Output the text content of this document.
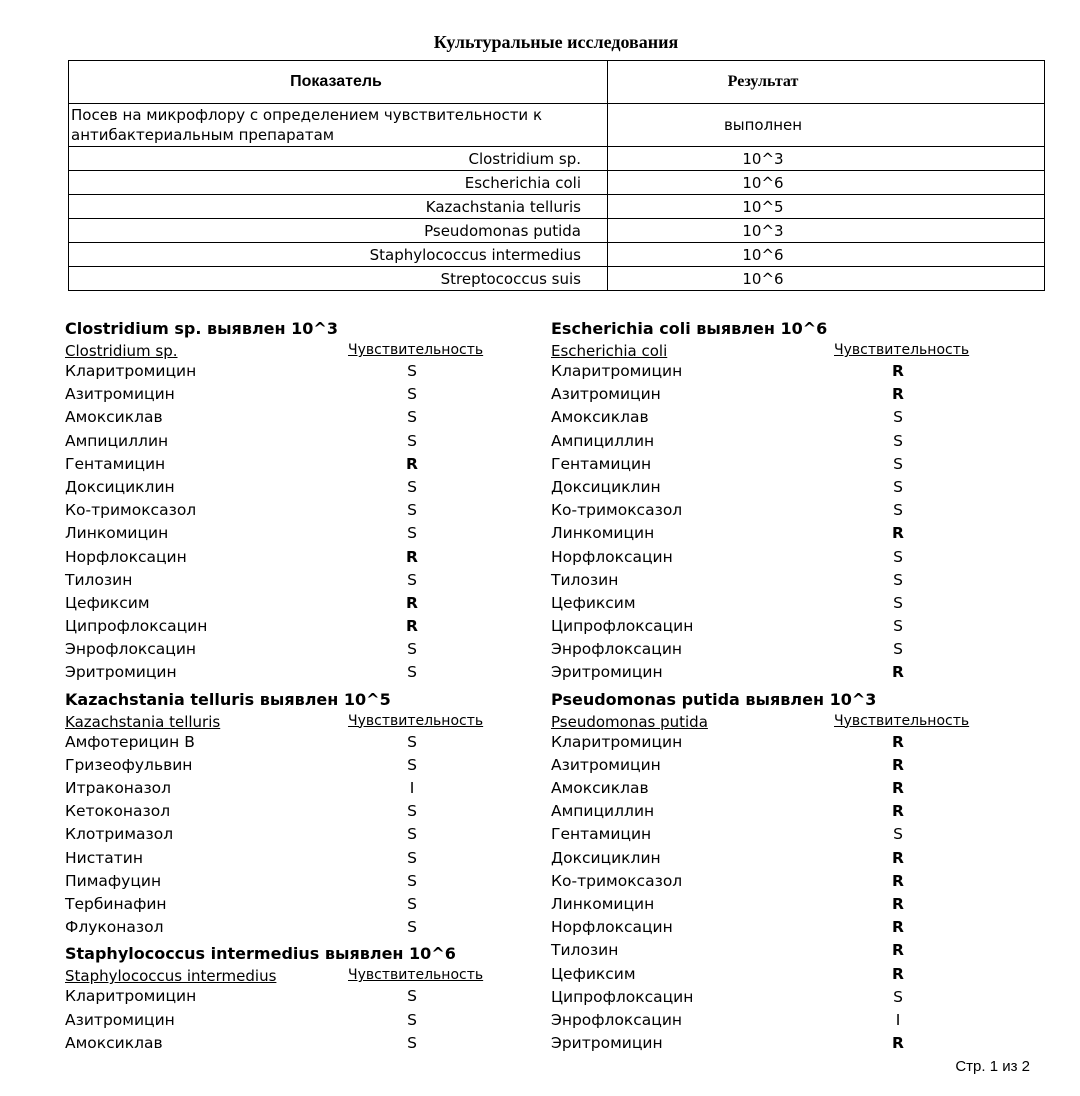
Культуральные исследования
Показатель	Результат
Посев на микрофлору с определением чувствительности к антибактериальным препаратам	выполнен
Clostridium sp.	10^3
Escherichia coli	10^6
Kazachstania telluris	10^5
Pseudomonas putida	10^3
Staphylococcus intermedius	10^6
Streptococcus suis	10^6
Clostridium sp. выявлен 10^3
Clostridium sp.	Чувствительность
Кларитромицин	S
Азитромицин	S
Амоксиклав	S
Ампициллин	S
Гентамицин	R
Доксициклин	S
Ко-тримоксазол	S
Линкомицин	S
Норфлоксацин	R
Тилозин	S
Цефиксим	R
Ципрофлоксацин	R
Энрофлоксацин	S
Эритромицин	S
Kazachstania telluris выявлен 10^5
Kazachstania telluris	Чувствительность
Амфотерицин B	S
Гризеофульвин	S
Итраконазол	I
Кетоконазол	S
Клотримазол	S
Нистатин	S
Пимафуцин	S
Тербинафин	S
Флуконазол	S
Staphylococcus intermedius выявлен 10^6
Staphylococcus intermedius	Чувствительность
Кларитромицин	S
Азитромицин	S
Амоксиклав	S
Escherichia coli выявлен 10^6
Escherichia coli	Чувствительность
Кларитромицин	R
Азитромицин	R
Амоксиклав	S
Ампициллин	S
Гентамицин	S
Доксициклин	S
Ко-тримоксазол	S
Линкомицин	R
Норфлоксацин	S
Тилозин	S
Цефиксим	S
Ципрофлоксацин	S
Энрофлоксацин	S
Эритромицин	R
Pseudomonas putida выявлен 10^3
Pseudomonas putida	Чувствительность
Кларитромицин	R
Азитромицин	R
Амоксиклав	R
Ампициллин	R
Гентамицин	S
Доксициклин	R
Ко-тримоксазол	R
Линкомицин	R
Норфлоксацин	R
Тилозин	R
Цефиксим	R
Ципрофлоксацин	S
Энрофлоксацин	I
Эритромицин	R
Стр. 1 из 2
